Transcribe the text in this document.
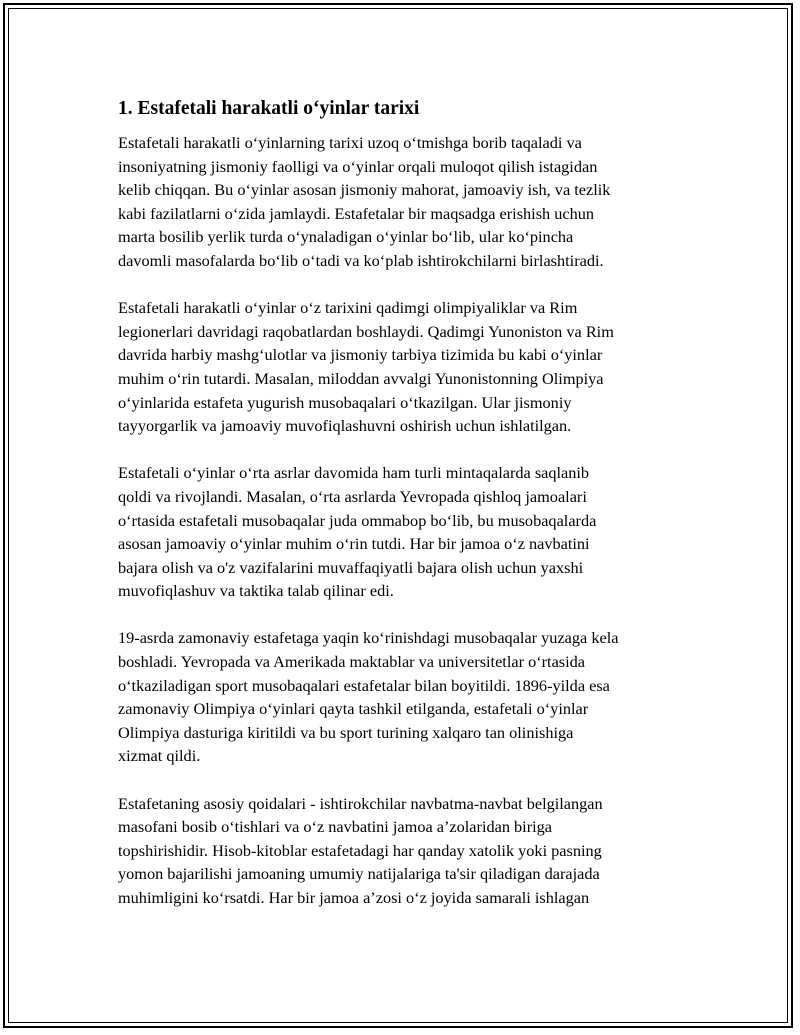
1. Estafetali harakatli o‘yinlar tarixi

Estafetali harakatli o‘yinlarning tarixi uzoq o‘tmishga borib taqaladi va
insoniyatning jismoniy faolligi va o‘yinlar orqali muloqot qilish istagidan
kelib chiqqan. Bu o‘yinlar asosan jismoniy mahorat, jamoaviy ish, va tezlik
kabi fazilatlarni o‘zida jamlaydi. Estafetalar bir maqsadga erishish uchun
marta bosilib yerlik turda o‘ynaladigan o‘yinlar bo‘lib, ular ko‘pincha
davomli masofalarda bo‘lib o‘tadi va ko‘plab ishtirokchilarni birlashtiradi.

Estafetali harakatli o‘yinlar o‘z tarixini qadimgi olimpiyaliklar va Rim
legionerlari davridagi raqobatlardan boshlaydi. Qadimgi Yunoniston va Rim
davrida harbiy mashg‘ulotlar va jismoniy tarbiya tizimida bu kabi o‘yinlar
muhim o‘rin tutardi. Masalan, miloddan avvalgi Yunonistonning Olimpiya
o‘yinlarida estafeta yugurish musobaqalari o‘tkazilgan. Ular jismoniy
tayyorgarlik va jamoaviy muvofiqlashuvni oshirish uchun ishlatilgan.

Estafetali o‘yinlar o‘rta asrlar davomida ham turli mintaqalarda saqlanib
qoldi va rivojlandi. Masalan, o‘rta asrlarda Yevropada qishloq jamoalari
o‘rtasida estafetali musobaqalar juda ommabop bo‘lib, bu musobaqalarda
asosan jamoaviy o‘yinlar muhim o‘rin tutdi. Har bir jamoa o‘z navbatini
bajara olish va o'z vazifalarini muvaffaqiyatli bajara olish uchun yaxshi
muvofiqlashuv va taktika talab qilinar edi.

19-asrda zamonaviy estafetaga yaqin ko‘rinishdagi musobaqalar yuzaga kela
boshladi. Yevropada va Amerikada maktablar va universitetlar o‘rtasida
o‘tkaziladigan sport musobaqalari estafetalar bilan boyitildi. 1896-yilda esa
zamonaviy Olimpiya o‘yinlari qayta tashkil etilganda, estafetali o‘yinlar
Olimpiya dasturiga kiritildi va bu sport turining xalqaro tan olinishiga
xizmat qildi.

Estafetaning asosiy qoidalari - ishtirokchilar navbatma-navbat belgilangan
masofani bosib o‘tishlari va o‘z navbatini jamoa a’zolaridan biriga
topshirishidir. Hisob-kitoblar estafetadagi har qanday xatolik yoki pasning
yomon bajarilishi jamoaning umumiy natijalariga ta'sir qiladigan darajada
muhimligini ko‘rsatdi. Har bir jamoa a’zosi o‘z joyida samarali ishlagan
